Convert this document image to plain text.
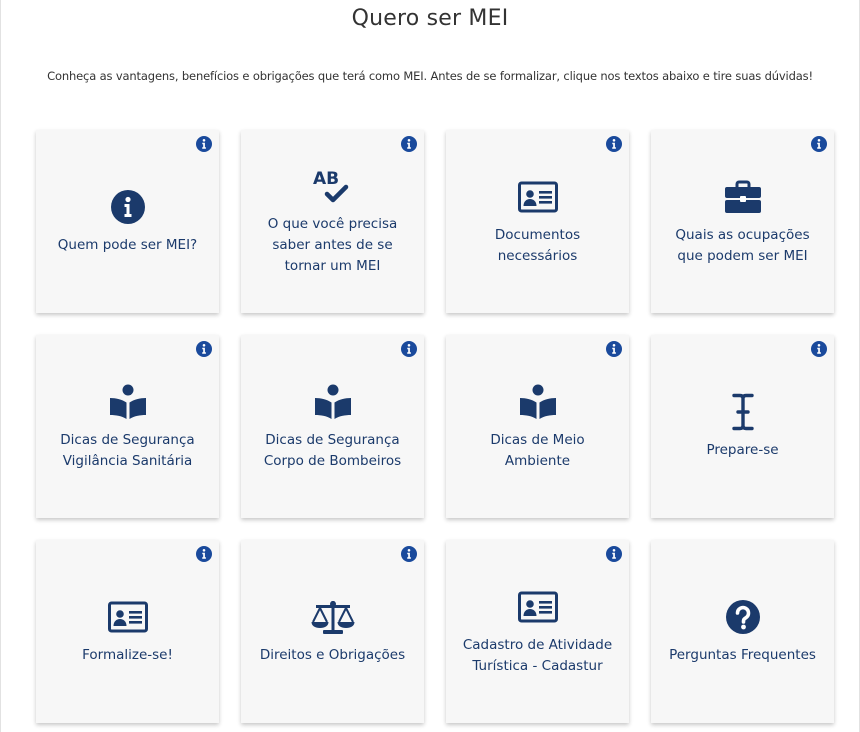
Quero ser MEI

Conheça as vantagens, benefícios e obrigações que terá como MEI. Antes de se formalizar, clique nos textos abaixo e tire suas dúvidas!

Quem pode ser MEI?
AB
O que você precisa saber antes de se tornar um MEI
Documentos necessários
Quais as ocupações que podem ser MEI
Dicas de Segurança Vigilância Sanitária
Dicas de Segurança Corpo de Bombeiros
Dicas de Meio Ambiente
Prepare-se
Formalize-se!	Direitos e Obrigações
Cadastro de Atividade Turística - Cadastur
Perguntas Frequentes
